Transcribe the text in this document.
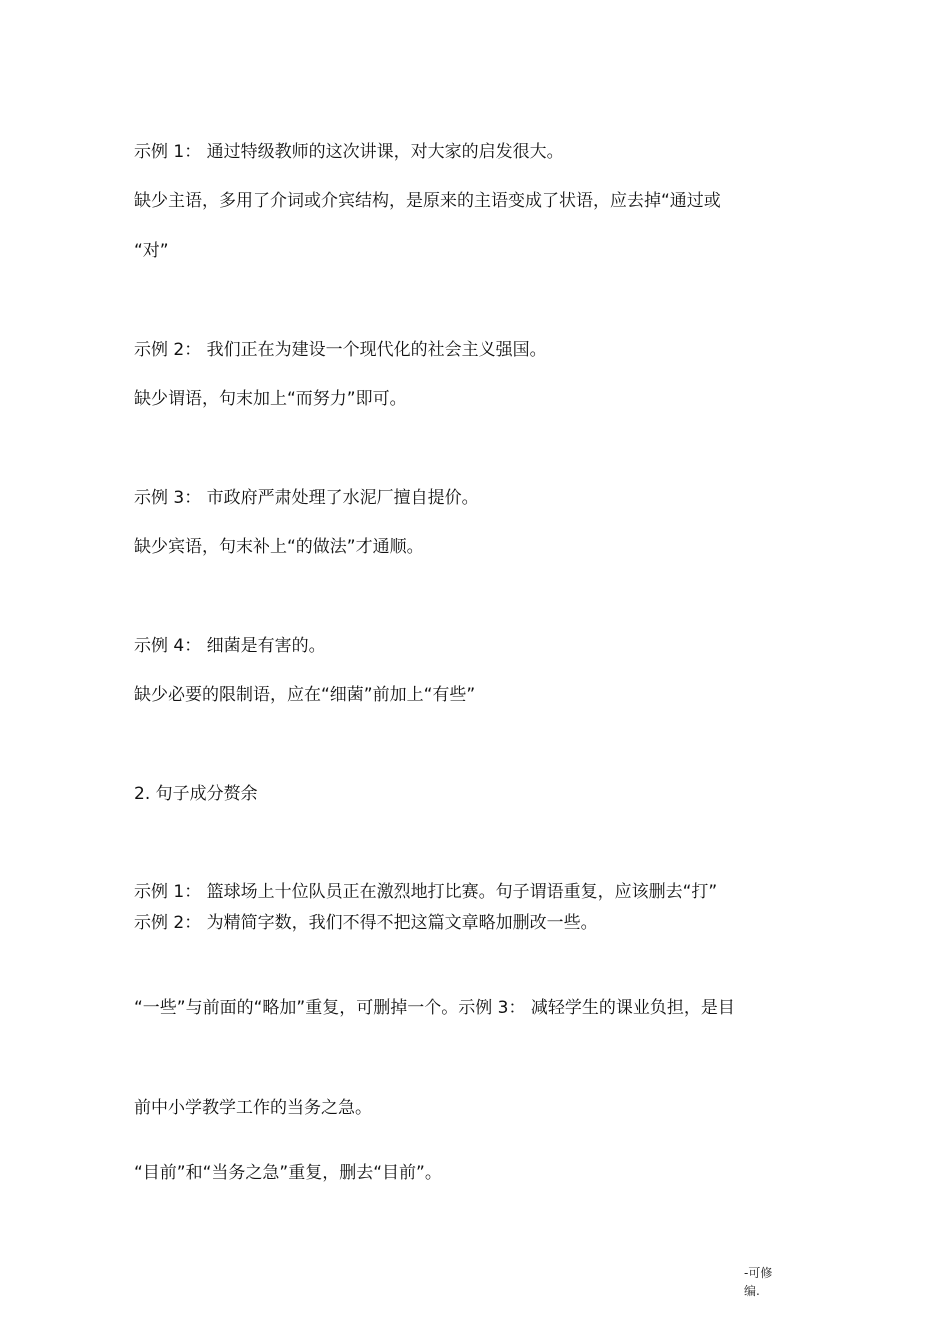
示例 1： 通过特级教师的这次讲课，对大家的启发很大。
缺少主语，多用了介词或介宾结构，是原来的主语变成了状语，应去掉“通过或
“对”
示例 2： 我们正在为建设一个现代化的社会主义强国。
缺少谓语，句末加上“而努力”即可。
示例 3： 市政府严肃处理了水泥厂擅自提价。
缺少宾语，句末补上“的做法”才通顺。
示例 4： 细菌是有害的。
缺少必要的限制语，应在“细菌”前加上“有些”
2. 句子成分赘余
示例 1： 篮球场上十位队员正在激烈地打比赛。句子谓语重复，应该删去“打”
示例 2： 为精简字数，我们不得不把这篇文章略加删改一些。
“一些”与前面的“略加”重复，可删掉一个。示例 3： 减轻学生的课业负担，是目
前中小学教学工作的当务之急。
“目前”和“当务之急”重复，删去“目前”。
-可修
编.
